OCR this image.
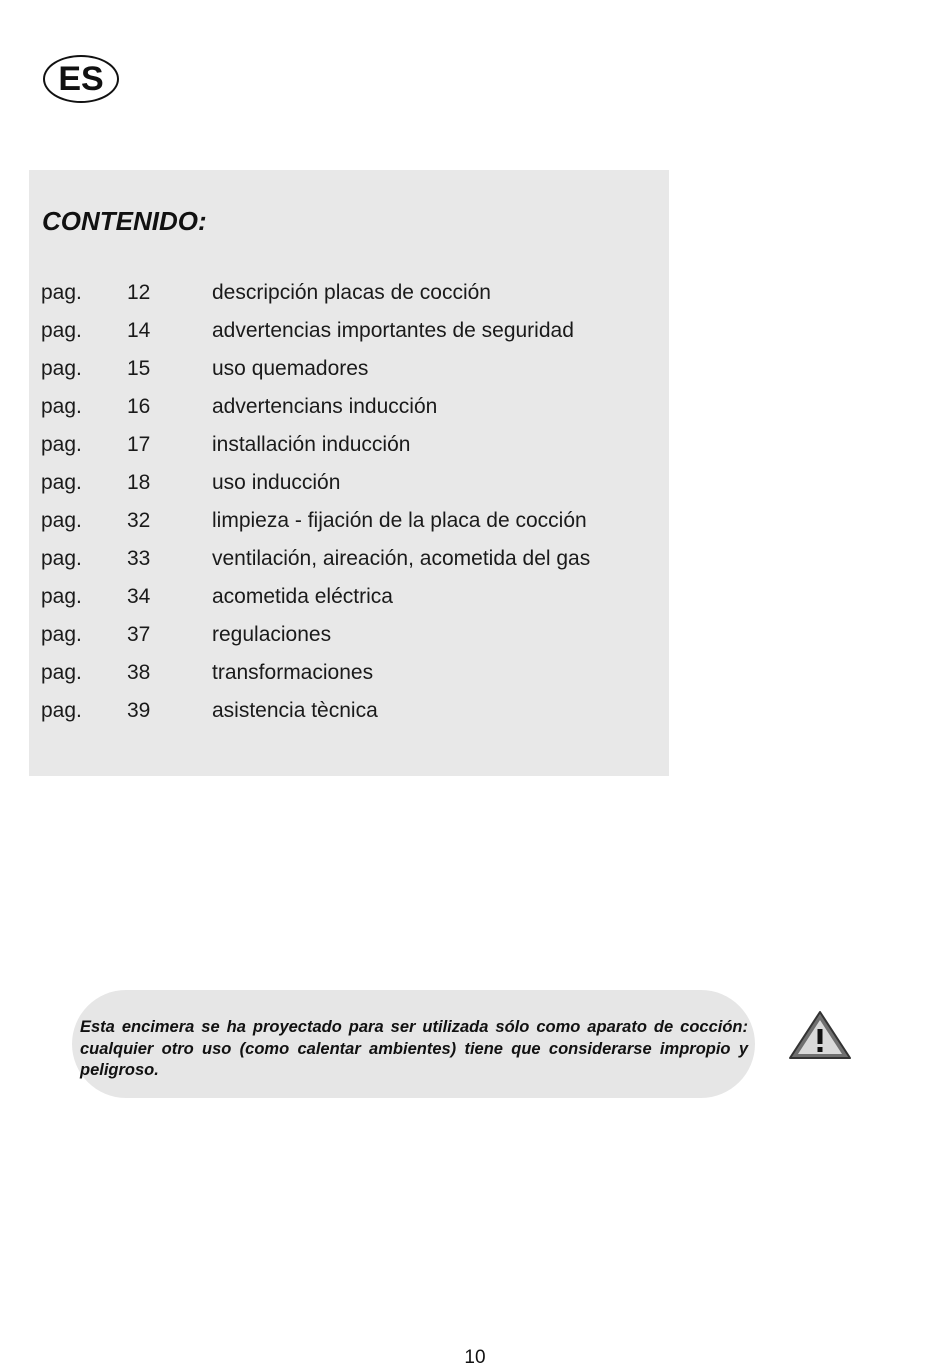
ES
CONTENIDO:
pag. 12	descripción placas de cocción
pag. 14	advertencias importantes de seguridad
pag. 15	uso quemadores
pag. 16	advertencians inducción
pag. 17	installación inducción
pag. 18	uso inducción
pag. 32	limpieza - fijación de la placa de cocción
pag. 33	ventilación, aireación, acometida del gas
pag. 34	acometida eléctrica
pag. 37	regulaciones
pag. 38	transformaciones
pag. 39	asistencia tècnica
Esta encimera se ha proyectado para ser utilizada sólo como aparato de cocción: cualquier otro uso (como calentar ambientes) tiene que considerarse impropio y peligroso.
10
